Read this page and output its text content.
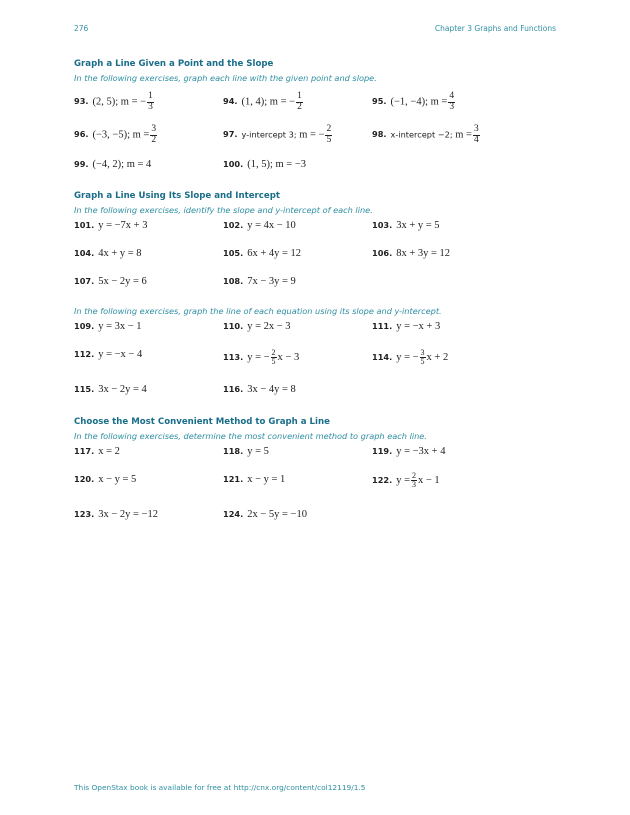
276	Chapter 3 Graphs and Functions
Graph a Line Given a Point and the Slope

In the following exercises, graph each line with the given point and slope.

93. (2, 5); m = − $\frac{1}{3}$	94. (1, 4); m = − $\frac{1}{2}$	95. (−1, −4); $m = \frac{4}{3}$
96. (−3, −5); $m = \frac{3}{2}$	97. y-intercept 3; m = − $\frac{2}{5}$	98. x-intercept −2; $m = \frac{3}{4}$
99. (−4, 2); m = 4	100. (1, 5); m = −3
Graph a Line Using Its Slope and Intercept

In the following exercises, identify the slope and y-intercept of each line.

101. y = −7x + 3	102. y = 4x − 10	103. 3x + y = 5
104. 4x + y = 8	105. 6x + 4y = 12	106. 8x + 3y = 12
107. 5x − 2y = 6	108. 7x − 3y = 9

In the following exercises, graph the line of each equation using its slope and y-intercept.

109. y = 3x − 1	110. y = 2x − 3	111. y = −x + 3
112. y = −x − 4	113. y = − $\frac{2}{5}$ x − 3	114. y = − $\frac{3}{5}$ x + 2
115. 3x − 2y = 4	116. 3x − 4y = 8
Choose the Most Convenient Method to Graph a Line

In the following exercises, determine the most convenient method to graph each line.

117. x = 2	118. y = 5	119. y = −3x + 4
120. x − y = 5	121. x − y = 1	122. $y = \frac{2}{3}$ x − 1
123. 3x − 2y = −12	124. 2x − 5y = −10
This OpenStax book is available for free at http://cnx.org/content/col12119/1.5
